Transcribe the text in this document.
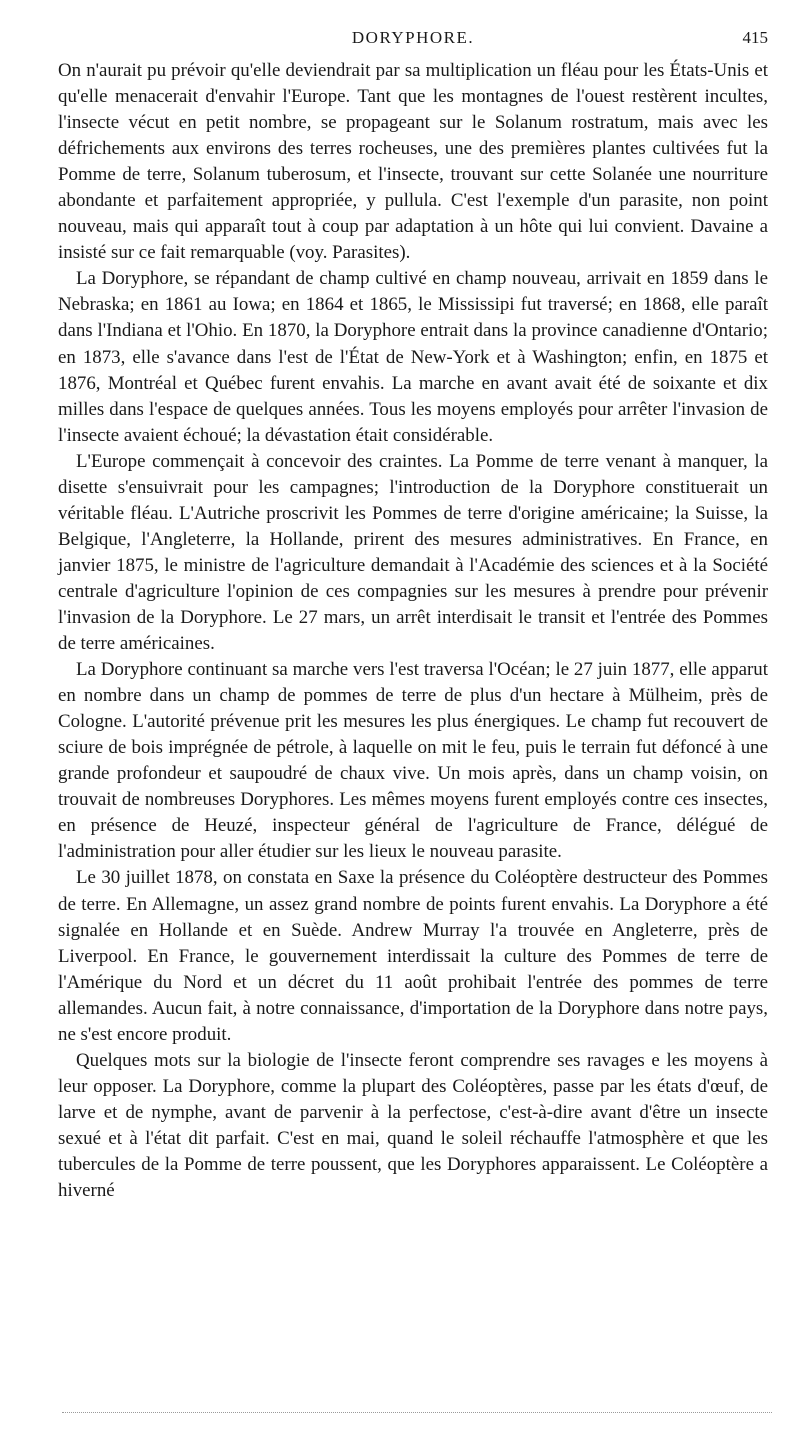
DORYPHORE.	415

On n'aurait pu prévoir qu'elle deviendrait par sa multiplication un fléau pour les États-Unis et qu'elle menacerait d'envahir l'Europe. Tant que les montagnes de l'ouest restèrent incultes, l'insecte vécut en petit nombre, se propageant sur le Solanum rostratum, mais avec les défrichements aux environs des terres rocheuses, une des premières plantes cultivées fut la Pomme de terre, Solanum tuberosum, et l'insecte, trouvant sur cette Solanée une nourriture abondante et parfaitement appropriée, y pullula. C'est l'exemple d'un parasite, non point nouveau, mais qui apparaît tout à coup par adaptation à un hôte qui lui convient. Davaine a insisté sur ce fait remarquable (voy. Parasites).

La Doryphore, se répandant de champ cultivé en champ nouveau, arrivait en 1859 dans le Nebraska; en 1861 au Iowa; en 1864 et 1865, le Mississipi fut traversé; en 1868, elle paraît dans l'Indiana et l'Ohio. En 1870, la Doryphore entrait dans la province canadienne d'Ontario; en 1873, elle s'avance dans l'est de l'État de New-York et à Washington; enfin, en 1875 et 1876, Montréal et Québec furent envahis. La marche en avant avait été de soixante et dix milles dans l'espace de quelques années. Tous les moyens employés pour arrêter l'invasion de l'insecte avaient échoué; la dévastation était considérable.

L'Europe commençait à concevoir des craintes. La Pomme de terre venant à manquer, la disette s'ensuivrait pour les campagnes; l'introduction de la Doryphore constituerait un véritable fléau. L'Autriche proscrivit les Pommes de terre d'origine américaine; la Suisse, la Belgique, l'Angleterre, la Hollande, prirent des mesures administratives. En France, en janvier 1875, le ministre de l'agriculture demandait à l'Académie des sciences et à la Société centrale d'agriculture l'opinion de ces compagnies sur les mesures à prendre pour prévenir l'invasion de la Doryphore. Le 27 mars, un arrêt interdisait le transit et l'entrée des Pommes de terre américaines.

La Doryphore continuant sa marche vers l'est traversa l'Océan; le 27 juin 1877, elle apparut en nombre dans un champ de pommes de terre de plus d'un hectare à Mülheim, près de Cologne. L'autorité prévenue prit les mesures les plus énergiques. Le champ fut recouvert de sciure de bois imprégnée de pétrole, à laquelle on mit le feu, puis le terrain fut défoncé à une grande profondeur et saupoudré de chaux vive. Un mois après, dans un champ voisin, on trouvait de nombreuses Doryphores. Les mêmes moyens furent employés contre ces insectes, en présence de Heuzé, inspecteur général de l'agriculture de France, délégué de l'administration pour aller étudier sur les lieux le nouveau parasite.

Le 30 juillet 1878, on constata en Saxe la présence du Coléoptère destructeur des Pommes de terre. En Allemagne, un assez grand nombre de points furent envahis. La Doryphore a été signalée en Hollande et en Suède. Andrew Murray l'a trouvée en Angleterre, près de Liverpool. En France, le gouvernement interdissait la culture des Pommes de terre de l'Amérique du Nord et un décret du 11 août prohibait l'entrée des pommes de terre allemandes. Aucun fait, à notre connaissance, d'importation de la Doryphore dans notre pays, ne s'est encore produit.

Quelques mots sur la biologie de l'insecte feront comprendre ses ravages e les moyens à leur opposer. La Doryphore, comme la plupart des Coléoptères, passe par les états d'œuf, de larve et de nymphe, avant de parvenir à la perfectose, c'est-à-dire avant d'être un insecte sexué et à l'état dit parfait. C'est en mai, quand le soleil réchauffe l'atmosphère et que les tubercules de la Pomme de terre poussent, que les Doryphores apparaissent. Le Coléoptère a hiverné
